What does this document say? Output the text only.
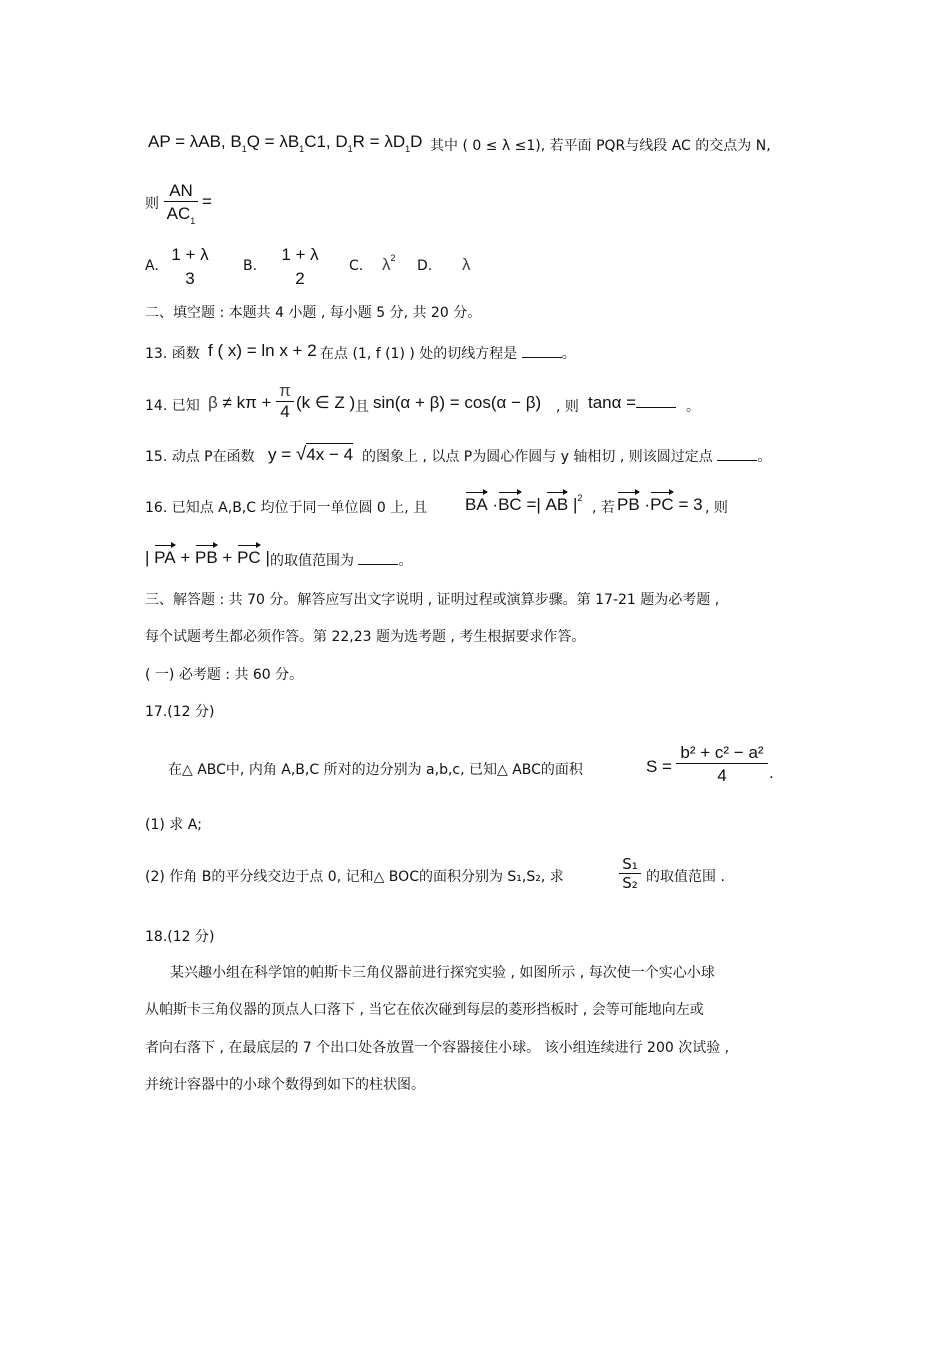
AP = λAB, $B_1Q = \lambda B_1C1$, $D_1R = \lambda D_1D$ 其中 ( 0 ≤ λ ≤1), 若平面 PQR与线段 AC 的交点为 N,
则 $\frac{AN}{AC_1}$ =
A.
1 + λ
3
B.
1 + λ
2
C. $\lambda^2$ D. λ
二、填空题 : 本题共 4 小题 , 每小题 5 分, 共 20 分。
13. 函数 f ( x) = ln x + 2 在点 (1, f (1) ) 处的切线方程是	。
14. 已知 $\beta \ne k\pi + \frac{\pi}{4} (k$ ∈ Z ) 且 sin(α + β) = cos(α − β) , 则 tanα =	。
15. 动点 P在函数 y = √4x − 4 的图象上 , 以点 P为圆心作圆与 y 轴相切 , 则该圆过定点	。
16. 已知点 A,B,C 均位于同一单位圆 0 上, 且 BA ·BC =| AB $|^2$
, 若 PB ·PC = 3 , 则
| PA + PB + PC | 的取值范围为	。
三、解答题 : 共 70 分。解答应写出文字说明 , 证明过程或演算步骤。第 17-21 题为必考题 ,
每个试题考生都必须作答。第 22,23 题为选考题 , 考生根据要求作答。
( 一) 必考题 : 共 60 分。
17.(12 分)
在△ ABC中, 内角 A,B,C 所对的边分别为 a,b,c, 已知△ ABC的面积	$S = \frac{\text{b² + c² − a²}}{4}$ .
(1) 求 A;
(2) 作角 B的平分线交边于点 0, 记和△ BOC的面积分别为 S₁,S₂, 求	$\frac{\text{S₁}}{\text{S₂}}$ 的取值范围 .
18.(12 分)
某兴趣小组在科学馆的帕斯卡三角仪器前进行探究实验 , 如图所示 , 每次使一个实心小球
从帕斯卡三角仪器的顶点人口落下 , 当它在依次碰到每层的菱形挡板时 , 会等可能地向左或
者向右落下 , 在最底层的 7 个出口处各放置一个容器接住小球。 该小组连续进行 200 次试验 ,
并统计容器中的小球个数得到如下的柱状图。
